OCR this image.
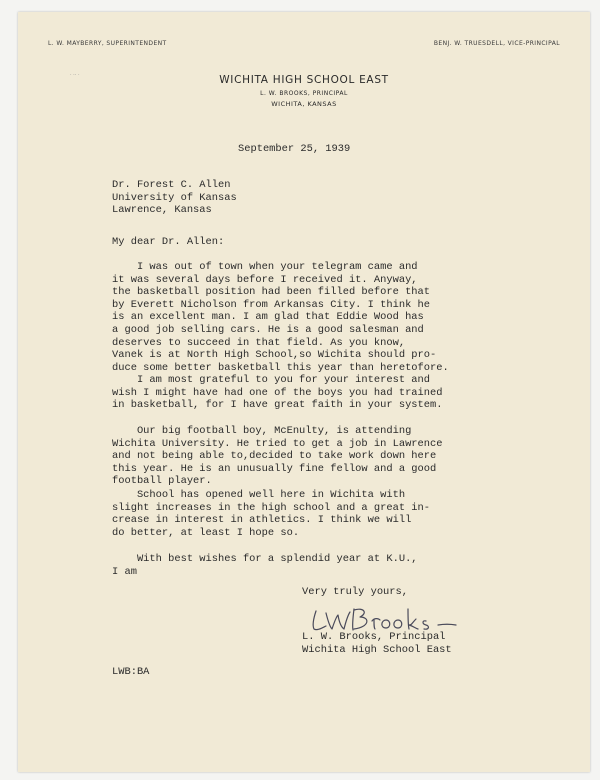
L. W. MAYBERRY, SUPERINTENDENT	BENJ. W. TRUESDELL, VICE-PRINCIPAL
· ·· ·	WICHITA HIGH SCHOOL EAST
L. W. BROOKS, PRINCIPAL
WICHITA, KANSAS
September 25, 1939
Dr. Forest C. Allen
University of Kansas
Lawrence, Kansas
My dear Dr. Allen:
I was out of town when your telegram came and
it was several days before I received it. Anyway,
the basketball position had been filled before that
by Everett Nicholson from Arkansas City. I think he
is an excellent man. I am glad that Eddie Wood has
a good job selling cars. He is a good salesman and
deserves to succeed in that field. As you know,
Vanek is at North High School,so Wichita should pro-
duce some better basketball this year than heretofore.
I am most grateful to you for your interest and
wish I might have had one of the boys you had trained
in basketball, for I have great faith in your system.
Our big football boy, McEnulty, is attending
Wichita University. He tried to get a job in Lawrence
and not being able to,decided to take work down here
this year. He is an unusually fine fellow and a good
football player.
School has opened well here in Wichita with
slight increases in the high school and a great in-
crease in interest in athletics. I think we will
do better, at least I hope so.
With best wishes for a splendid year at K.U.,
I am
Very truly yours,
L. W. Brooks, Principal
Wichita High School East
LWB:BA
